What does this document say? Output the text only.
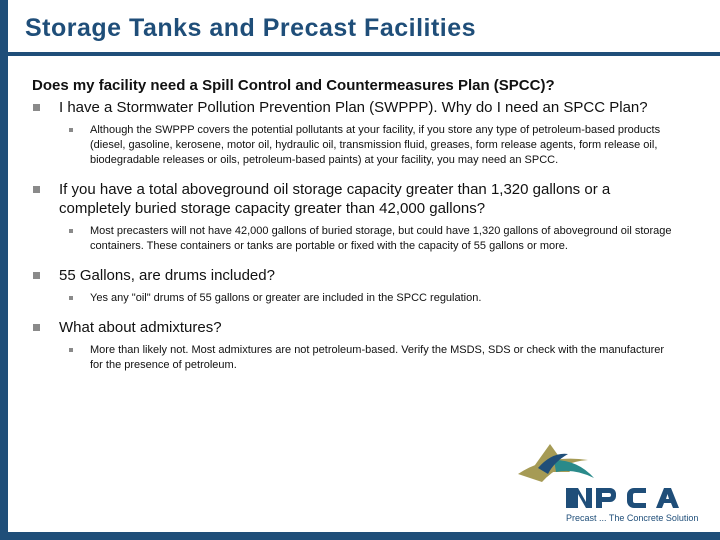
Storage Tanks and Precast Facilities
Does my facility need a Spill Control and Countermeasures Plan (SPCC)?
I have a Stormwater Pollution Prevention Plan (SWPPP). Why do I need an SPCC Plan?
Although the SWPPP covers the potential pollutants at your facility, if you store any type of petroleum-based products (diesel, gasoline, kerosene, motor oil, hydraulic oil, transmission fluid, greases, form release agents, form release oil, biodegradable releases or oils, petroleum-based paints) at your facility, you may need an SPCC.
If you have a total aboveground oil storage capacity greater than 1,320 gallons or a completely buried storage capacity greater than 42,000 gallons?
Most precasters will not have 42,000 gallons of buried storage, but could have 1,320 gallons of aboveground oil storage containers. These containers or tanks are portable or fixed with the capacity of 55 gallons or more.
55 Gallons, are drums included?
Yes any "oil" drums of 55 gallons or greater are included in the SPCC regulation.
What about admixtures?
More than likely not. Most admixtures are not petroleum-based. Verify the MSDS, SDS or check with the manufacturer for the presence of petroleum.
Precast ... The Concrete Solution
